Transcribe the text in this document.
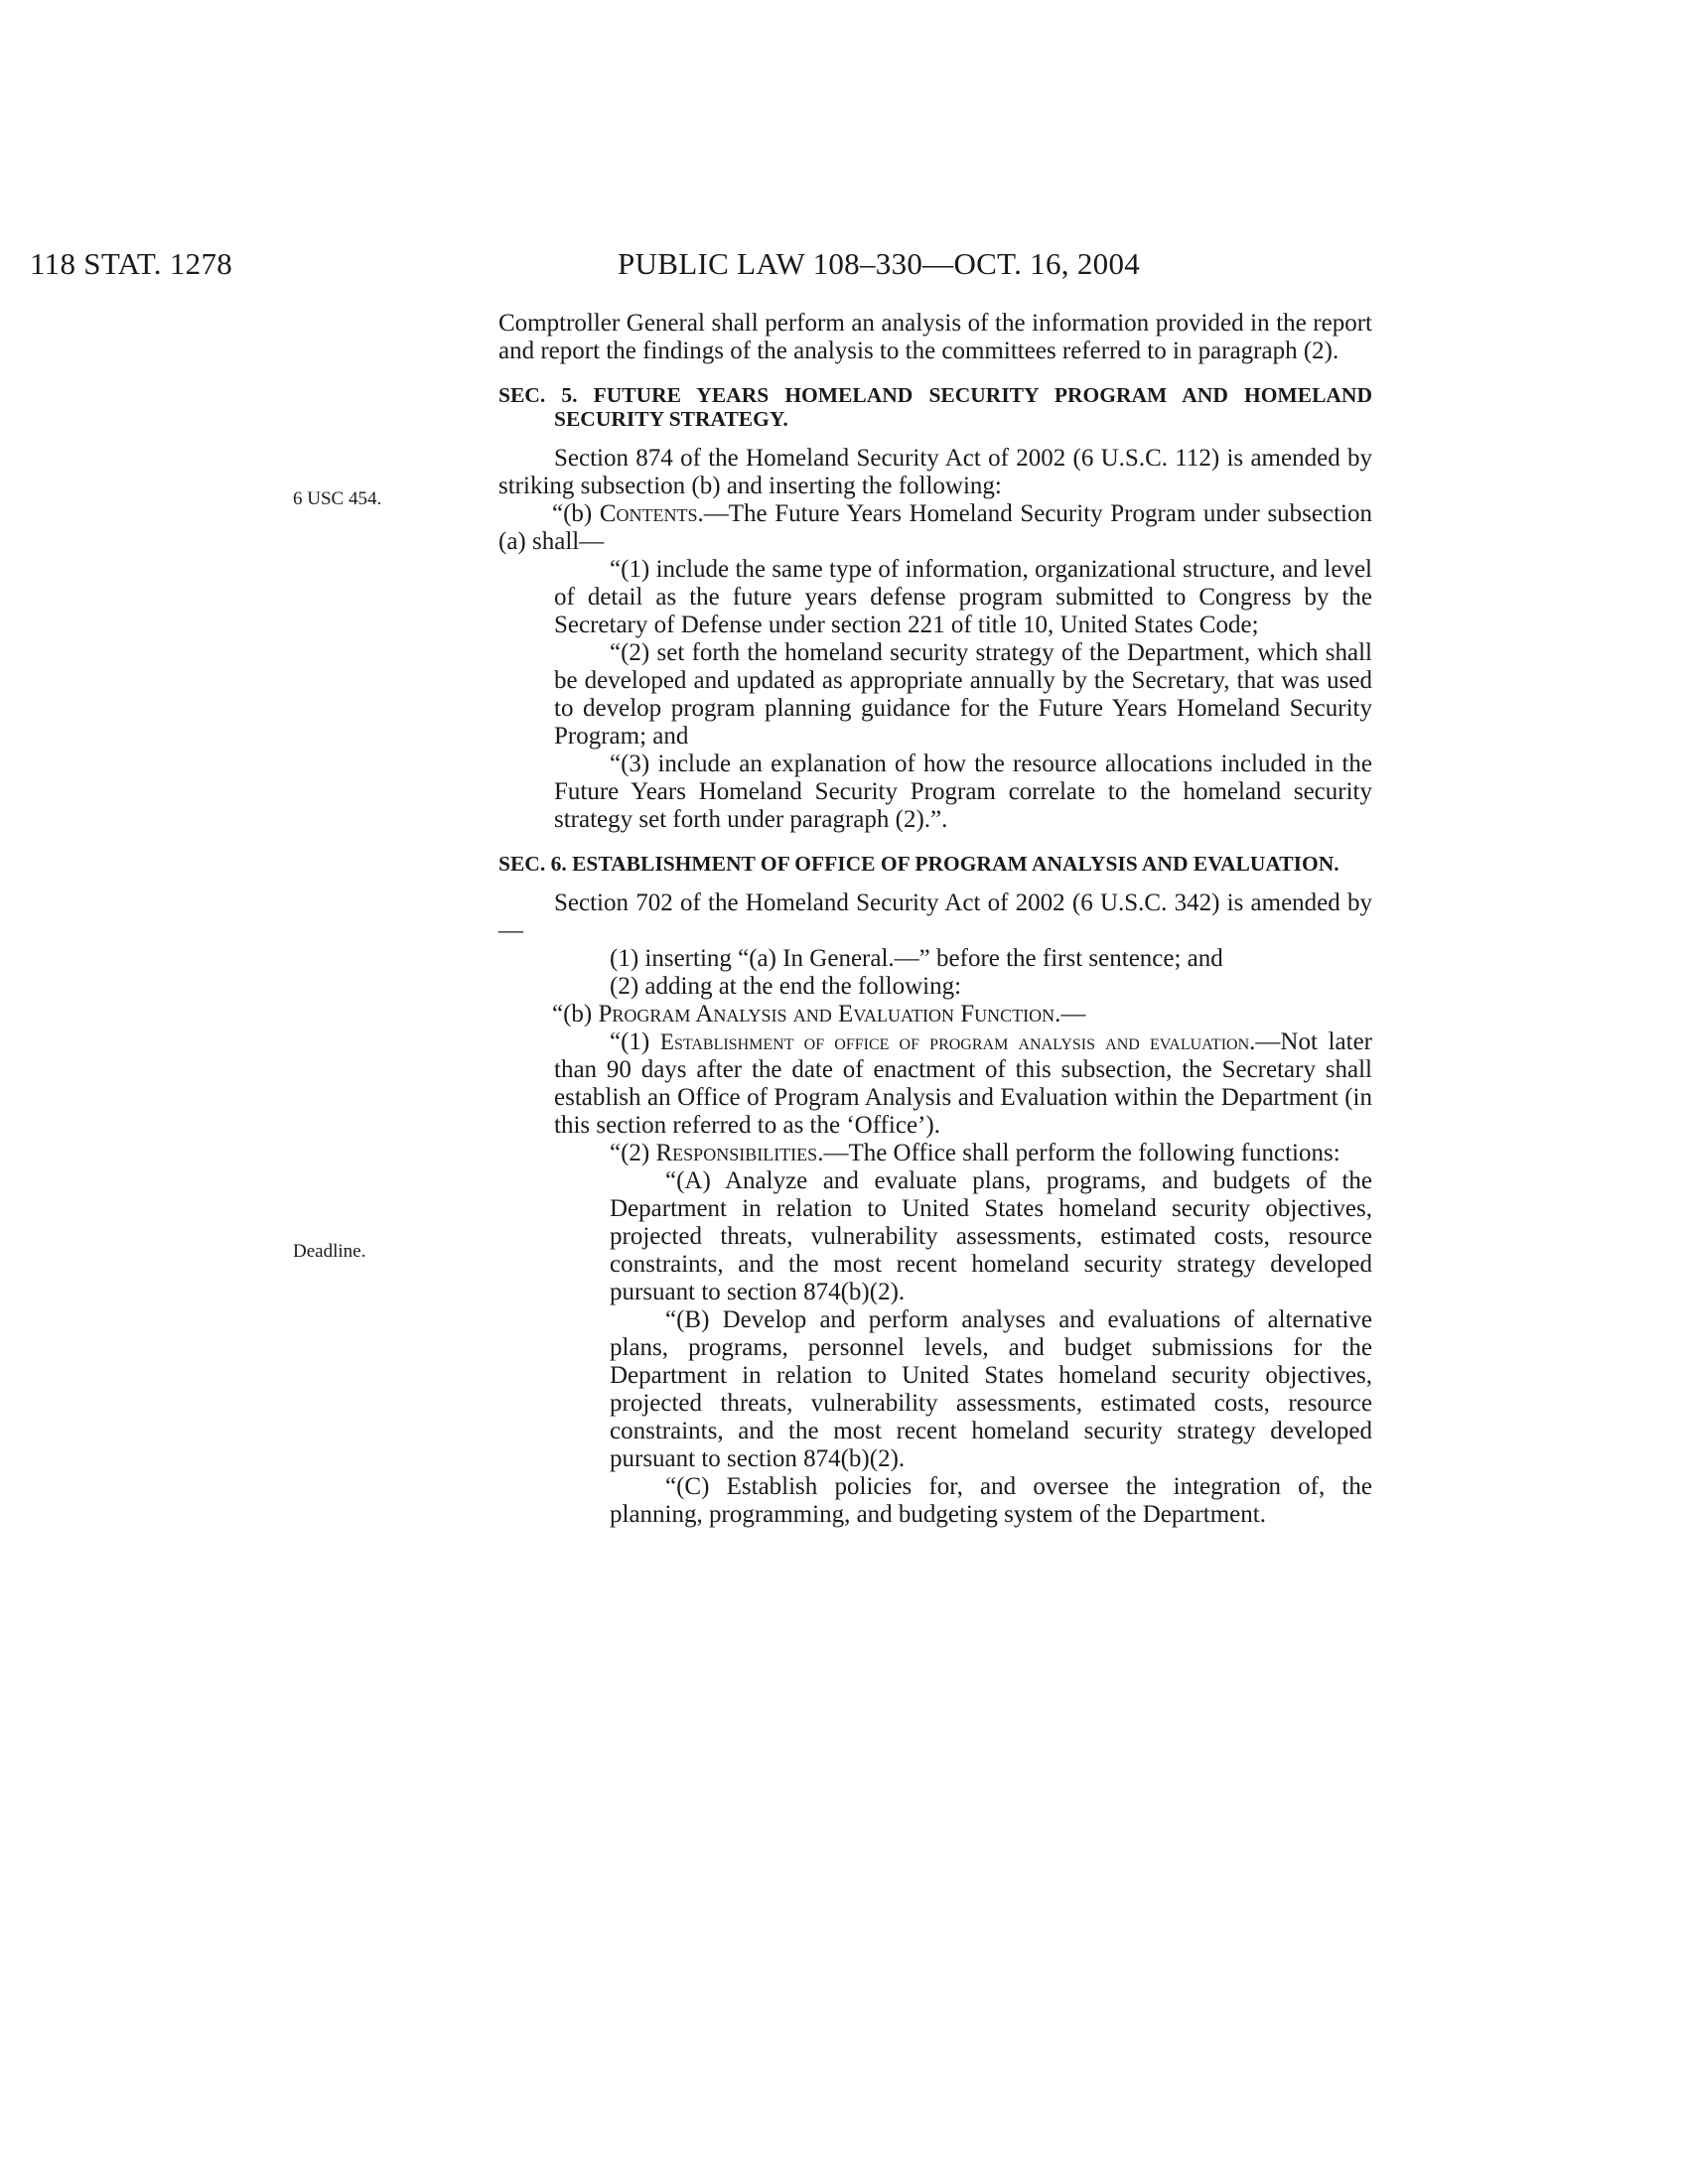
118 STAT. 1278	PUBLIC LAW 108–330—OCT. 16, 2004
6 USC 454.
Deadline.

Comptroller General shall perform an analysis of the information provided in the report and report the findings of the analysis to the committees referred to in paragraph (2).

SEC. 5. FUTURE YEARS HOMELAND SECURITY PROGRAM AND HOMELAND SECURITY STRATEGY.

Section 874 of the Homeland Security Act of 2002 (6 U.S.C. 112) is amended by striking subsection (b) and inserting the following:

“(b) Contents.—The Future Years Homeland Security Program under subsection (a) shall—

“(1) include the same type of information, organizational structure, and level of detail as the future years defense program submitted to Congress by the Secretary of Defense under section 221 of title 10, United States Code;

“(2) set forth the homeland security strategy of the Department, which shall be developed and updated as appropriate annually by the Secretary, that was used to develop program planning guidance for the Future Years Homeland Security Program; and

“(3) include an explanation of how the resource allocations included in the Future Years Homeland Security Program correlate to the homeland security strategy set forth under paragraph (2).”.

SEC. 6. ESTABLISHMENT OF OFFICE OF PROGRAM ANALYSIS AND EVALUATION.

Section 702 of the Homeland Security Act of 2002 (6 U.S.C. 342) is amended by—

(1) inserting “(a) In General.—” before the first sentence; and

(2) adding at the end the following:

“(b) Program Analysis and Evaluation Function.—

“(1) Establishment of office of program analysis and evaluation.—Not later than 90 days after the date of enactment of this subsection, the Secretary shall establish an Office of Program Analysis and Evaluation within the Department (in this section referred to as the ‘Office’).

“(2) Responsibilities.—The Office shall perform the following functions:

“(A) Analyze and evaluate plans, programs, and budgets of the Department in relation to United States homeland security objectives, projected threats, vulnerability assessments, estimated costs, resource constraints, and the most recent homeland security strategy developed pursuant to section 874(b)(2).

“(B) Develop and perform analyses and evaluations of alternative plans, programs, personnel levels, and budget submissions for the Department in relation to United States homeland security objectives, projected threats, vulnerability assessments, estimated costs, resource constraints, and the most recent homeland security strategy developed pursuant to section 874(b)(2).

“(C) Establish policies for, and oversee the integration of, the planning, programming, and budgeting system of the Department.
